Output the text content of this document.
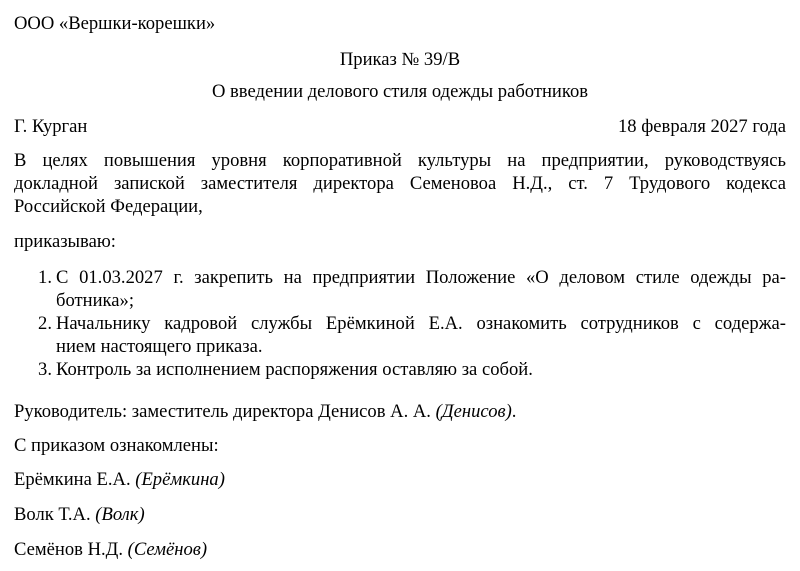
ООО «Вершки-корешки»

Приказ № 39/В

О введении делового стиля одежды работников

Г. Курган	18 февраля 2027 года
В целях повышения уровня корпоративной культуры на предприятии, руководствуясь
докладной запиской заместителя директора Семеновоа Н.Д., ст. 7 Трудового кодекса
Российской Федерации,

приказываю:

1. С 01.03.2027 г. закрепить на предприятии Положение «О деловом стиле одежды ра-
ботника»;
2. Начальнику кадровой службы Ерёмкиной Е.А. ознакомить сотрудников с содержа-
нием настоящего приказа.
3. Контроль за исполнением распоряжения оставляю за собой.

Руководитель: заместитель директора Денисов А. А. (Денисов).

С приказом ознакомлены:

Ерёмкина Е.А. (Ерёмкина)

Волк Т.А. (Волк)

Семёнов Н.Д. (Семёнов)
